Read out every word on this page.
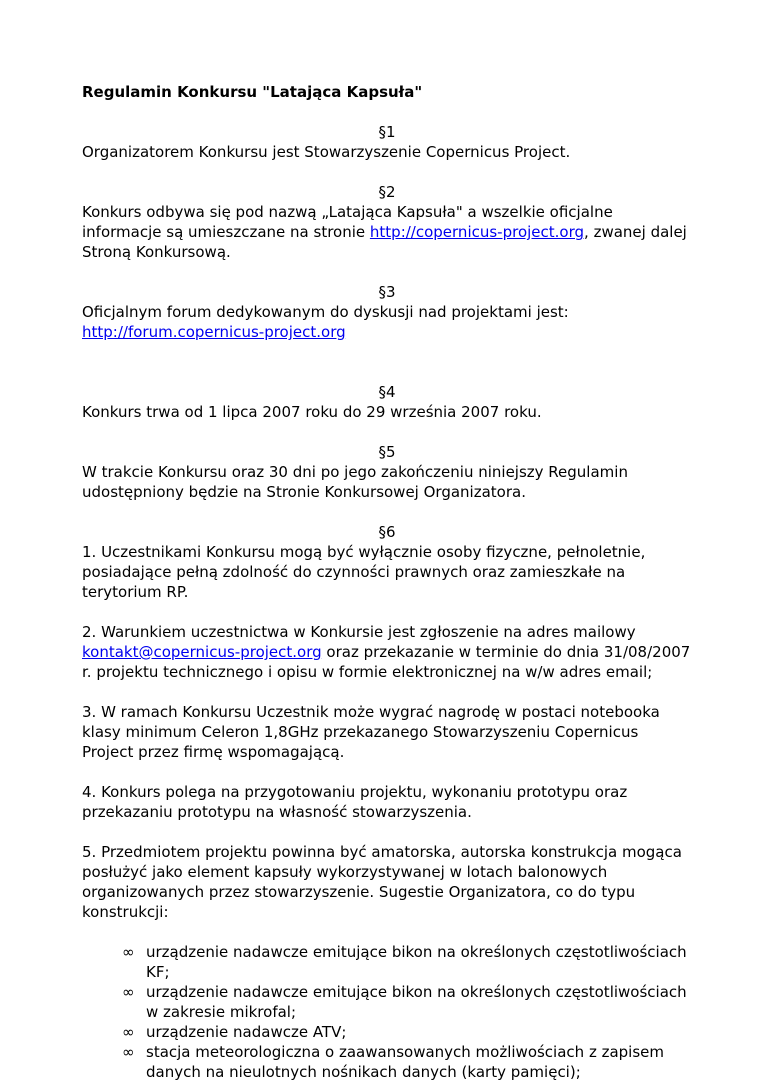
Regulamin Konkursu "Latająca Kapsuła"

§1

Organizatorem Konkursu jest Stowarzyszenie Copernicus Project.

§2

Konkurs odbywa się pod nazwą „Latająca Kapsuła" a wszelkie oficjalne informacje są umieszczane na stronie http://copernicus-project.org, zwanej dalej Stroną Konkursową.

§3

Oficjalnym forum dedykowanym do dyskusji nad projektami jest:
http://forum.copernicus-project.org

§4

Konkurs trwa od 1 lipca 2007 roku do 29 września 2007 roku.

§5

W trakcie Konkursu oraz 30 dni po jego zakończeniu niniejszy Regulamin udostępniony będzie na Stronie Konkursowej Organizatora.

§6

1. Uczestnikami Konkursu mogą być wyłącznie osoby fizyczne, pełnoletnie, posiadające pełną zdolność do czynności prawnych oraz zamieszkałe na terytorium RP.

2. Warunkiem uczestnictwa w Konkursie jest zgłoszenie na adres mailowy kontakt@copernicus-project.org oraz przekazanie w terminie do dnia 31/08/2007 r. projektu technicznego i opisu w formie elektronicznej na w/w adres email;

3. W ramach Konkursu Uczestnik może wygrać nagrodę w postaci notebooka klasy minimum Celeron 1,8GHz przekazanego Stowarzyszeniu Copernicus Project przez firmę wspomagającą.

4. Konkurs polega na przygotowaniu projektu, wykonaniu prototypu oraz przekazaniu prototypu na własność stowarzyszenia.

5. Przedmiotem projektu powinna być amatorska, autorska konstrukcja mogąca posłużyć jako element kapsuły wykorzystywanej w lotach balonowych organizowanych przez stowarzyszenie. Sugestie Organizatora, co do typu konstrukcji:

∞ urządzenie nadawcze emitujące bikon na określonych częstotliwościach KF;
∞ urządzenie nadawcze emitujące bikon na określonych częstotliwościach w zakresie mikrofal;
∞ urządzenie nadawcze ATV;
∞ stacja meteorologiczna o zaawansowanych możliwościach z zapisem danych na nieulotnych nośnikach danych (karty pamięci);
